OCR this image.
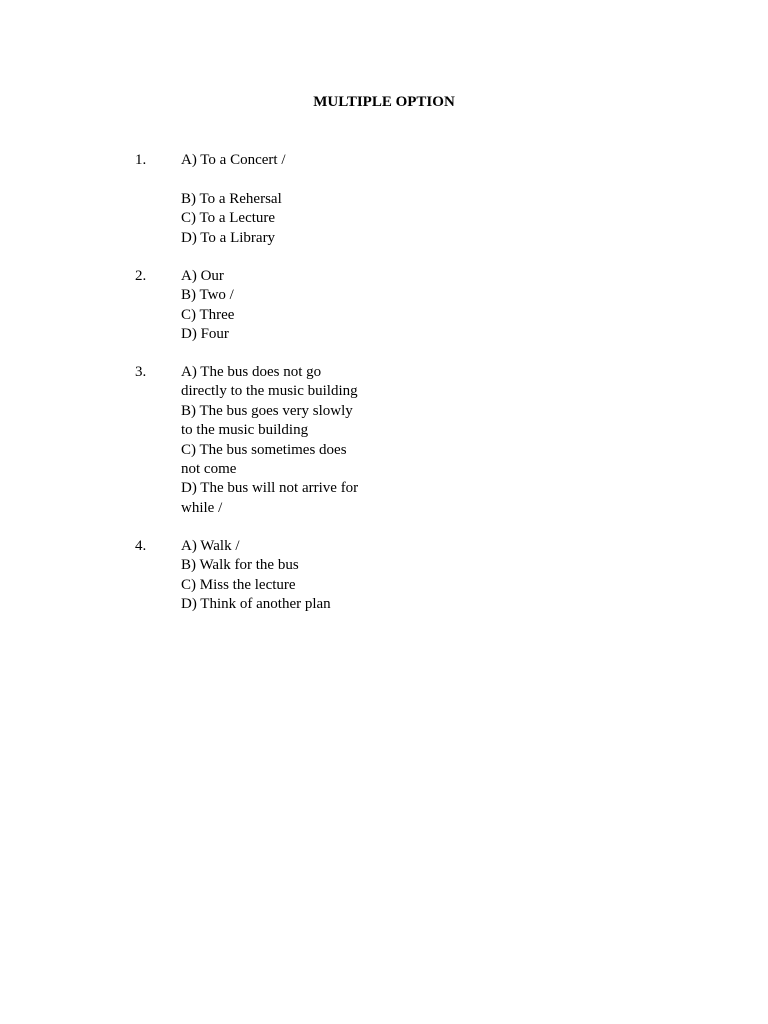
MULTIPLE OPTION
1. A) To a Concert /
B) To a Rehersal
C) To a Lecture
D) To a Library
2. A) Our
B) Two /
C) Three
D) Four
3. A) The bus does not go directly to the music building
B) The bus goes very slowly to the music building
C) The bus sometimes does not come
D) The bus will not arrive for while /
4. A) Walk /
B) Walk for the bus
C) Miss the lecture
D) Think of another plan
